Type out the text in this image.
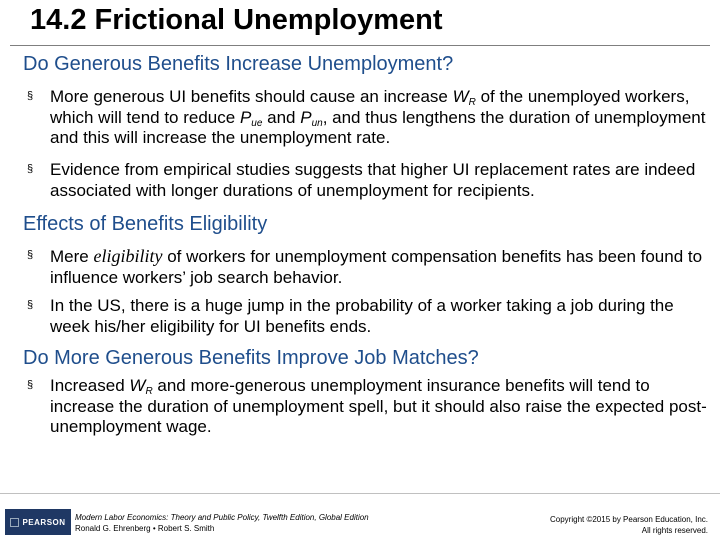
14.2 Frictional Unemployment
Do Generous Benefits Increase Unemployment?
§ More generous UI benefits should cause an increase $W_R$ of the unemployed workers, which will tend to reduce $P_{ue}$ and $P_{un}$, and thus lengthens the duration of unemployment and this will increase the unemployment rate.
§ Evidence from empirical studies suggests that higher UI replacement rates are indeed associated with longer durations of unemployment for recipients.
Effects of Benefits Eligibility
§ Mere eligibility of workers for unemployment compensation benefits has been found to influence workers’ job search behavior.
§ In the US, there is a huge jump in the probability of a worker taking a job during the week his/her eligibility for UI benefits ends.
Do More Generous Benefits Improve Job Matches?
§ Increased $W_R$ and more-generous unemployment insurance benefits will tend to increase the duration of unemployment spell, but it should also raise the expected post-unemployment wage.
PEARSON Modern Labor Economics: Theory and Public Policy, Twelfth Edition, Global Edition
Ronald G. Ehrenberg • Robert S. Smith
Copyright ©2015 by Pearson Education, Inc.
All rights reserved.
